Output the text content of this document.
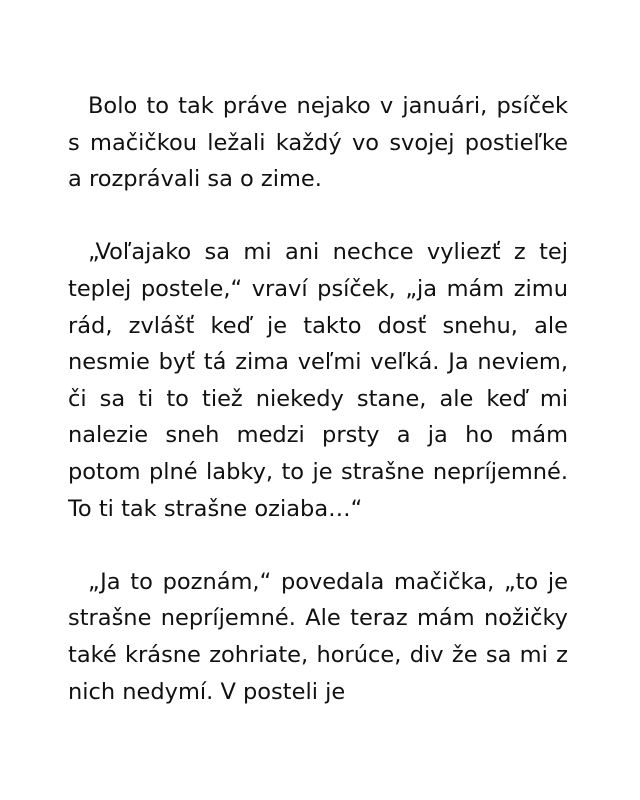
Bolo to tak práve nejako v januári, psíček s mačičkou ležali každý vo svojej postieľke a rozprávali sa o zime.

„Voľajako sa mi ani nechce vyliezť z tej teplej postele,“ vraví psíček, „ja mám zimu rád, zvlášť keď je takto dosť snehu, ale nesmie byť tá zima veľmi veľká. Ja neviem, či sa ti to tiež niekedy stane, ale keď mi nalezie sneh medzi prsty a ja ho mám potom plné labky, to je strašne nepríjemné. To ti tak strašne oziaba…“

„Ja to poznám,“ povedala mačička, „to je strašne nepríjemné. Ale teraz mám nožičky také krásne zohriate, horúce, div že sa mi z nich nedymí. V posteli je
